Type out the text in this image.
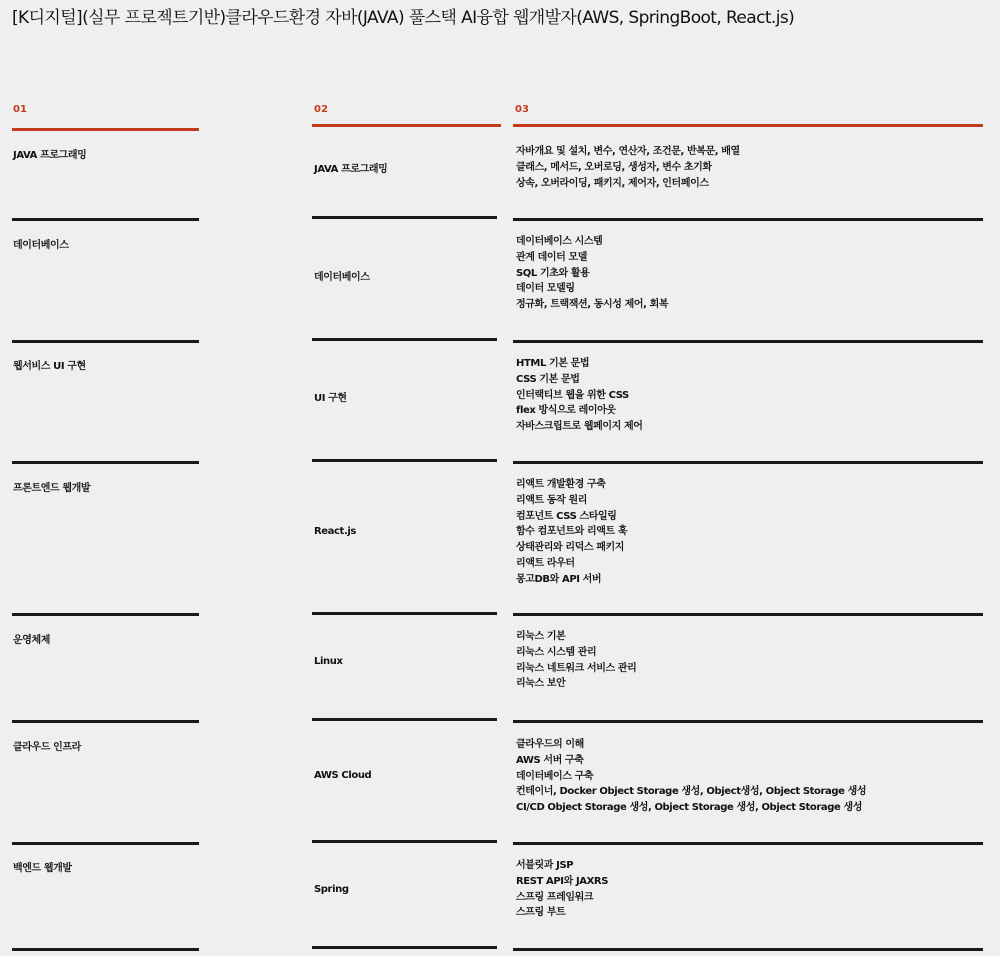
[K디지털](실무 프로젝트기반)클라우드환경 자바(JAVA) 풀스택 AI융합 웹개발자(AWS, SpringBoot, React.js)
01	02	03
JAVA 프로그래밍
JAVA 프로그래밍
자바개요 및 설치, 변수, 연산자, 조건문, 반복문, 배열
클래스, 메서드, 오버로딩, 생성자, 변수 초기화
상속, 오버라이딩, 패키지, 제어자, 인터페이스
데이터베이스
데이터베이스
데이터베이스 시스템
관계 데이터 모델
SQL 기초와 활용
데이터 모델링
정규화, 트랙잭션, 동시성 제어, 회복
웹서비스 UI 구현
UI 구현
HTML 기본 문법
CSS 기본 문법
인터랙티브 웹을 위한 CSS
flex 방식으로 레이아웃
자바스크립트로 웹페이지 제어
프론트엔드 웹개발
React.js
리액트 개발환경 구축
리액트 동작 원리
컴포넌트 CSS 스타일링
함수 컴포넌트와 리액트 훅
상태관리와 리덕스 패키지
리액트 라우터
몽고DB와 API 서버
운영체제
Linux
리눅스 기본
리눅스 시스템 관리
리눅스 네트워크 서비스 관리
리눅스 보안
클라우드 인프라
AWS Cloud
클라우드의 이해
AWS 서버 구축
데이터베이스 구축
컨테이너, Docker Object Storage 생성, Object생성, Object Storage 생성
CI/CD Object Storage 생성, Object Storage 생성, Object Storage 생성
백엔드 웹개발
Spring
서블릿과 JSP
REST API와 JAXRS
스프링 프레임워크
스프링 부트
